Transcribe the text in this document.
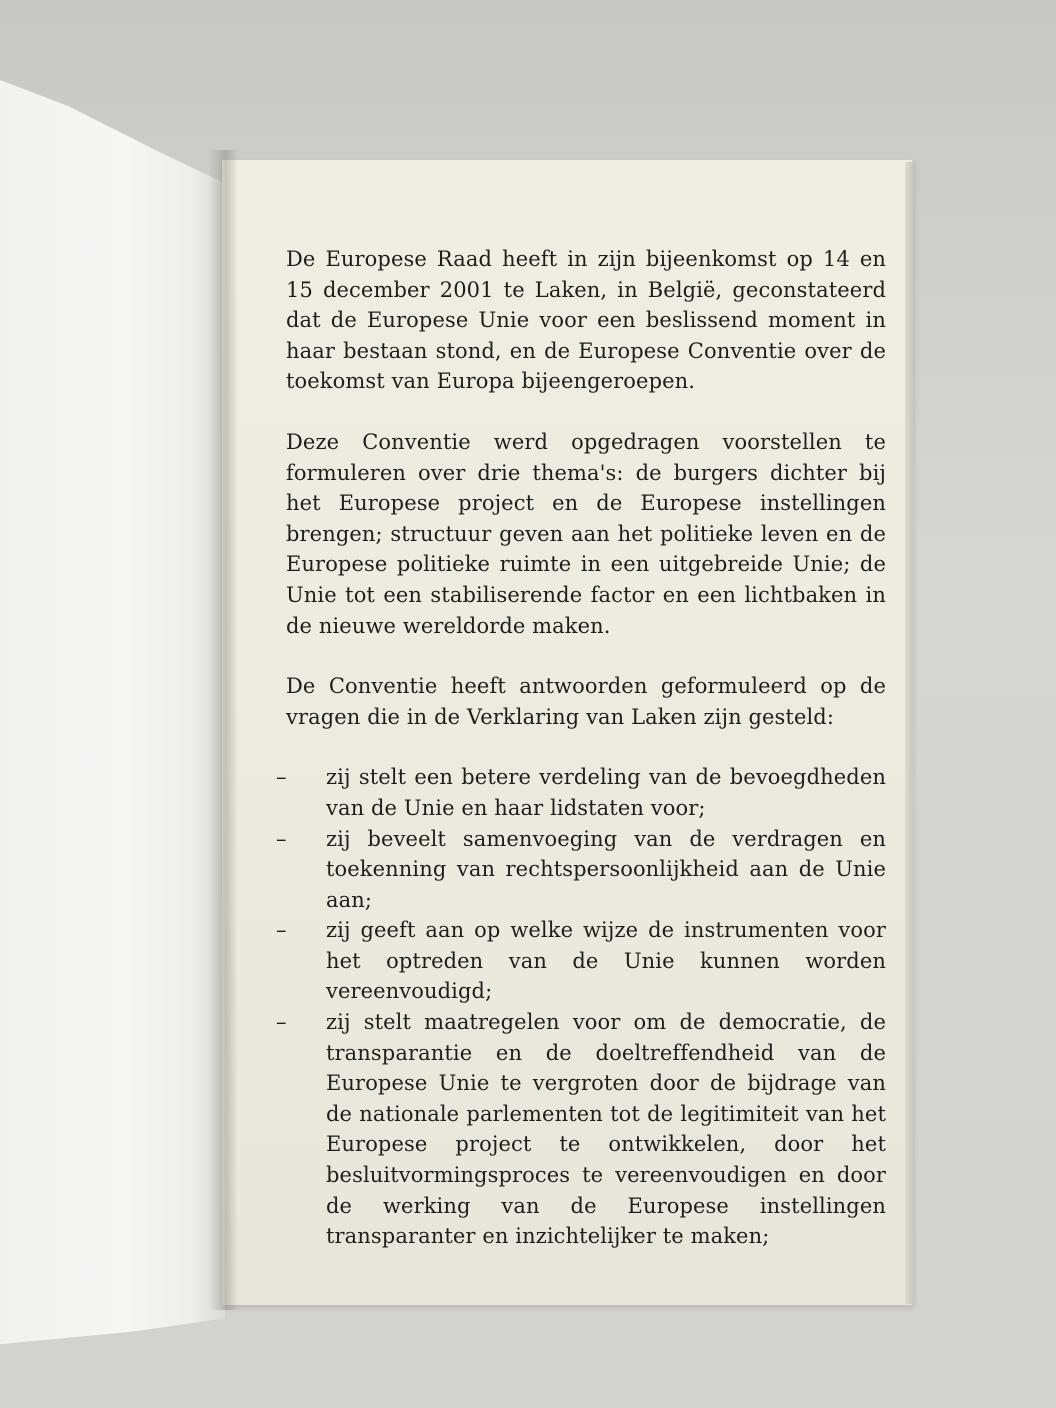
De Europese Raad heeft in zijn bijeenkomst op 14 en 15 december 2001 te Laken, in België, geconstateerd dat de Europese Unie voor een beslissend moment in haar bestaan stond, en de Europese Conventie over de toekomst van Europa bijeengeroepen.

Deze Conventie werd opgedragen voorstellen te formuleren over drie thema's: de burgers dichter bij het Europese project en de Europese instellingen brengen; structuur geven aan het politieke leven en de Europese politieke ruimte in een uitgebreide Unie; de Unie tot een stabiliserende factor en een lichtbaken in de nieuwe wereldorde maken.

De Conventie heeft antwoorden geformuleerd op de vragen die in de Verklaring van Laken zijn gesteld:

– zij stelt een betere verdeling van de bevoegdheden van de Unie en haar lidstaten voor;
– zij beveelt samenvoeging van de verdragen en toekenning van rechtspersoonlijkheid aan de Unie aan;
– zij geeft aan op welke wijze de instrumenten voor het optreden van de Unie kunnen worden vereenvoudigd;
– zij stelt maatregelen voor om de democratie, de transparantie en de doeltreffendheid van de Europese Unie te vergroten door de bijdrage van de nationale parlementen tot de legitimiteit van het Europese project te ontwikkelen, door het besluitvormingsproces te vereenvoudigen en door de werking van de Europese instellingen transparanter en inzichtelijker te maken;
